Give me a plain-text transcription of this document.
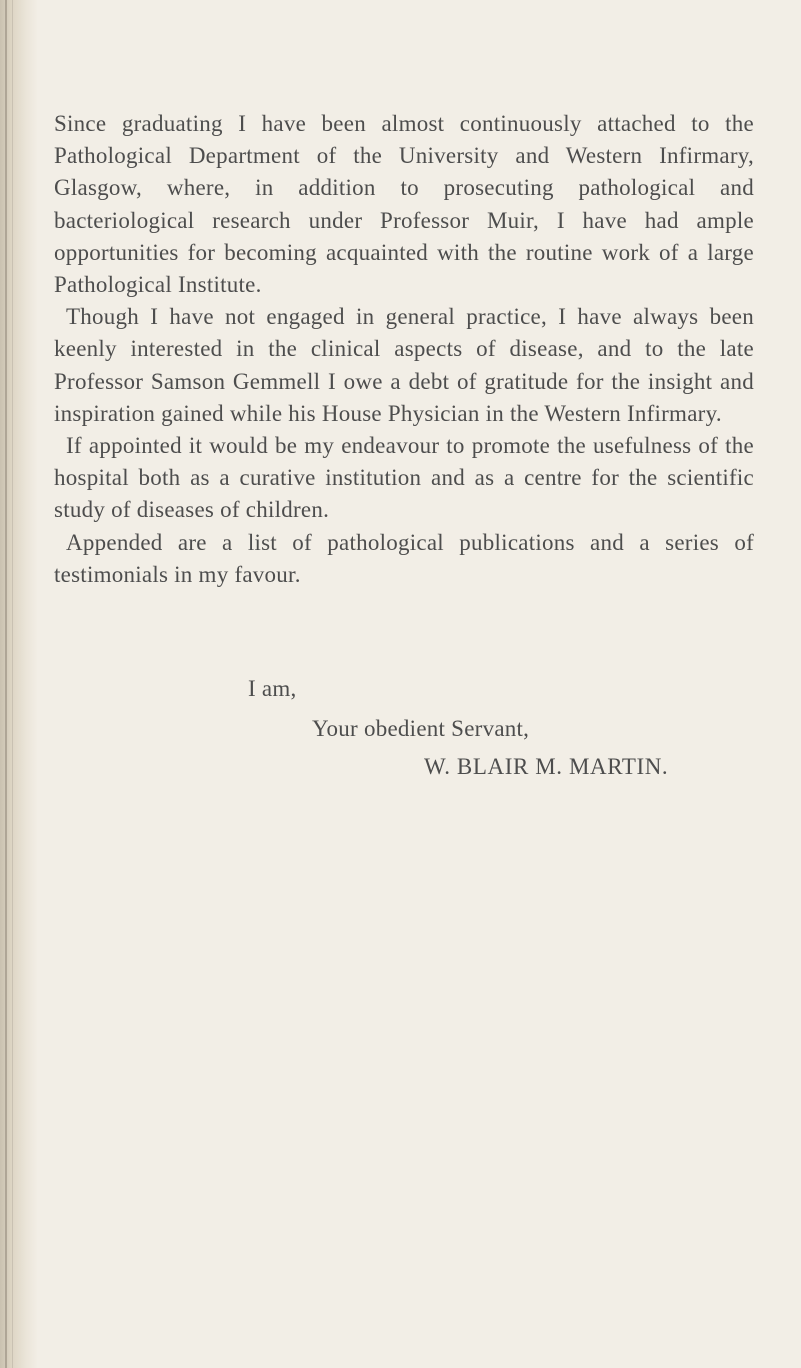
Since graduating I have been almost continuously attached to the Pathological Department of the University and Western Infirmary, Glasgow, where, in addition to prosecuting pathological and bacteriological research under Professor Muir, I have had ample opportunities for becoming acquainted with the routine work of a large Pathological Institute.

Though I have not engaged in general practice, I have always been keenly interested in the clinical aspects of disease, and to the late Professor Samson Gemmell I owe a debt of gratitude for the insight and inspiration gained while his House Physician in the Western Infirmary.

If appointed it would be my endeavour to promote the usefulness of the hospital both as a curative institution and as a centre for the scientific study of diseases of children.

Appended are a list of pathological publications and a series of testimonials in my favour.

I am,
Your obedient Servant,
W. BLAIR M. MARTIN.
